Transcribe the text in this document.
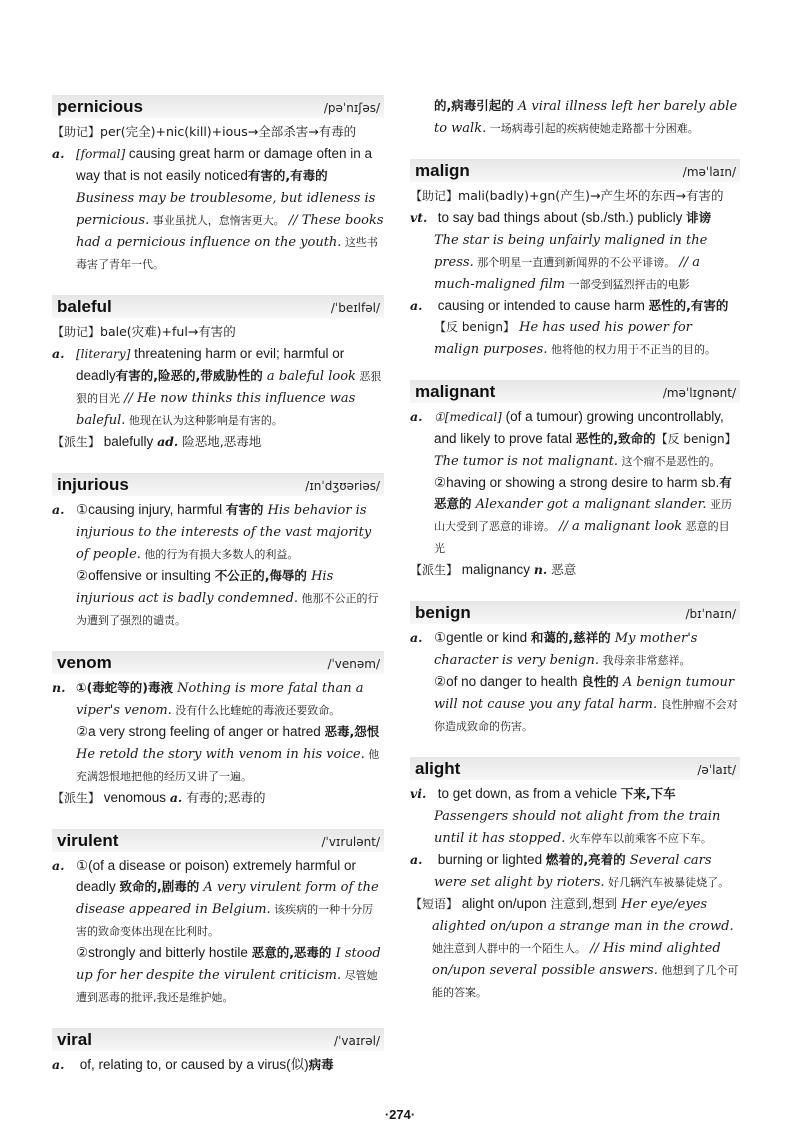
pernicious	/pəˈnɪʃəs/

【助记】per(完全)+nic(kill)+ious→全部杀害→有毒的

a. [formal] causing great harm or damage often in a way that is not easily noticed有害的,有毒的 Business may be troublesome, but idleness is pernicious. 事业虽扰人，怠惰害更大。 // These books had a pernicious influence on the youth. 这些书毒害了青年一代。

baleful	/ˈbeɪlfəl/

【助记】bale(灾难)+ful→有害的

a. [literary] threatening harm or evil; harmful or deadly有害的,险恶的,带威胁性的 a baleful look 恶狠狠的目光 // He now thinks this influence was baleful. 他现在认为这种影响是有害的。

【派生】 balefully ad. 险恶地,恶毒地

injurious	/ɪnˈdʒʊəriəs/

a. ①causing injury, harmful 有害的 His behavior is injurious to the interests of the vast majority of people. 他的行为有损大多数人的利益。

②offensive or insulting 不公正的,侮辱的 His injurious act is badly condemned. 他那不公正的行为遭到了强烈的谴责。

venom	/ˈvenəm/

n. ①(毒蛇等的)毒液 Nothing is more fatal than a viper's venom. 没有什么比蝰蛇的毒液还要致命。

②a very strong feeling of anger or hatred 恶毒,怨恨 He retold the story with venom in his voice. 他充满怨恨地把他的经历又讲了一遍。

【派生】 venomous a. 有毒的;恶毒的

virulent	/ˈvɪrulənt/

a. ①(of a disease or poison) extremely harmful or deadly 致命的,剧毒的 A very virulent form of the disease appeared in Belgium. 该疾病的一种十分厉害的致命变体出现在比利时。

②strongly and bitterly hostile 恶意的,恶毒的 I stood up for her despite the virulent criticism. 尽管她遭到恶毒的批评,我还是维护她。

viral	/ˈvaɪrəl/

a. of, relating to, or caused by a virus(似)病毒

的,病毒引起的 A viral illness left her barely able to walk. 一场病毒引起的疾病使她走路都十分困难。

malign	/məˈlaɪn/

【助记】mali(badly)+gn(产生)→产生坏的东西→有害的

vt. to say bad things about (sb./sth.) publicly 诽谤 The star is being unfairly maligned in the press. 那个明星一直遭到新闻界的不公平诽谤。 // a much-maligned film 一部受到猛烈抨击的电影

a. causing or intended to cause harm 恶性的,有害的【反 benign】 He has used his power for malign purposes. 他将他的权力用于不正当的目的。

malignant	/məˈlɪɡnənt/

a. ①[medical] (of a tumour) growing uncontrollably, and likely to prove fatal 恶性的,致命的【反 benign】 The tumor is not malignant. 这个瘤不是恶性的。

②having or showing a strong desire to harm sb.有恶意的 Alexander got a malignant slander. 亚历山大受到了恶意的诽谤。 // a malignant look 恶意的目光

【派生】 malignancy n. 恶意

benign	/bɪˈnaɪn/

a. ①gentle or kind 和蔼的,慈祥的 My mother's character is very benign. 我母亲非常慈祥。

②of no danger to health 良性的 A benign tumour will not cause you any fatal harm. 良性肿瘤不会对你造成致命的伤害。

alight	/əˈlaɪt/

vi. to get down, as from a vehicle 下来,下车 Passengers should not alight from the train until it has stopped. 火车停车以前乘客不应下车。

a. burning or lighted 燃着的,亮着的 Several cars were set alight by rioters. 好几辆汽车被暴徒烧了。

【短语】 alight on/upon 注意到,想到 Her eye/eyes alighted on/upon a strange man in the crowd. 她注意到人群中的一个陌生人。 // His mind alighted on/upon several possible answers. 他想到了几个可能的答案。

·274·
